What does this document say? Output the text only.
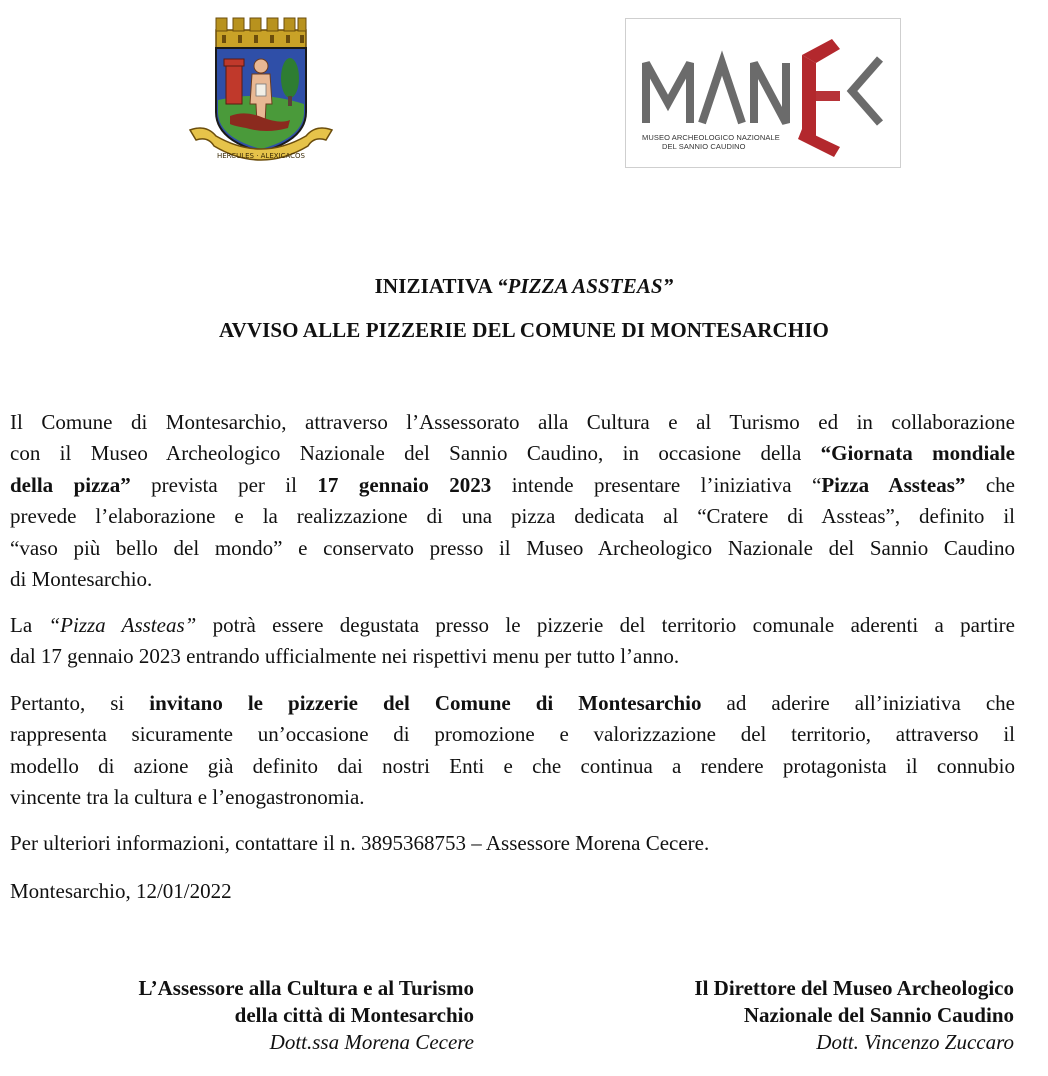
HERCULES · ALEXICACOS
MUSEO ARCHEOLOGICO NAZIONALE
DEL SANNIO CAUDINO
INIZIATIVA “PIZZA ASSTEAS”
AVVISO ALLE PIZZERIE DEL COMUNE DI MONTESARCHIO
Il Comune di Montesarchio, attraverso l’Assessorato alla Cultura e al Turismo ed in collaborazione
con il Museo Archeologico Nazionale del Sannio Caudino, in occasione della “Giornata mondiale
della pizza” prevista per il 17 gennaio 2023 intende presentare l’iniziativa “Pizza Assteas” che
prevede l’elaborazione e la realizzazione di una pizza dedicata al “Cratere di Assteas”, definito il
“vaso più bello del mondo” e conservato presso il Museo Archeologico Nazionale del Sannio Caudino
di Montesarchio.
La “Pizza Assteas” potrà essere degustata presso le pizzerie del territorio comunale aderenti a partire
dal 17 gennaio 2023 entrando ufficialmente nei rispettivi menu per tutto l’anno.
Pertanto, si invitano le pizzerie del Comune di Montesarchio ad aderire all’iniziativa che
rappresenta sicuramente un’occasione di promozione e valorizzazione del territorio, attraverso il
modello di azione già definito dai nostri Enti e che continua a rendere protagonista il connubio
vincente tra la cultura e l’enogastronomia.
Per ulteriori informazioni, contattare il n. 3895368753 – Assessore Morena Cecere.
Montesarchio, 12/01/2022
L’Assessore alla Cultura e al Turismo
della città di Montesarchio
Dott.ssa Morena Cecere
Il Direttore del Museo Archeologico
Nazionale del Sannio Caudino
Dott. Vincenzo Zuccaro
